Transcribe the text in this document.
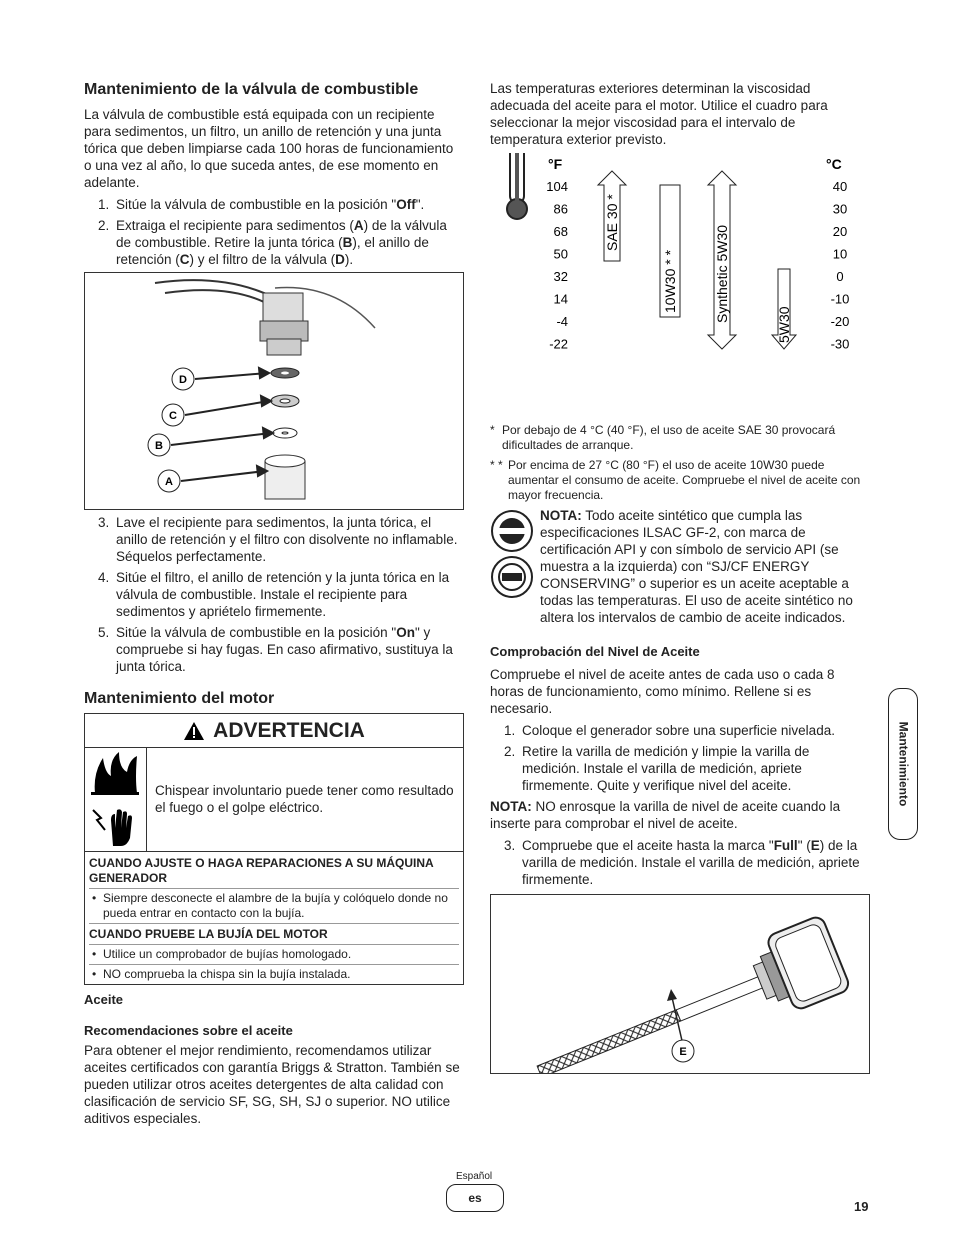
Mantenimiento de la válvula de combustible

La válvula de combustible está equipada con un recipiente para sedimentos, un filtro, un anillo de retención y una junta tórica que deben limpiarse cada 100 horas de funcionamiento o una vez al año, lo que suceda antes, de ese momento en adelante.

1. Sitúe la válvula de combustible en la posición "Off".
2. Extraiga el recipiente para sedimentos (A) de la válvula de combustible. Retire la junta tórica (B), el anillo de retención (C) y el filtro de la válvula (D).
D
C
B
A
3. Lave el recipiente para sedimentos, la junta tórica, el anillo de retención y el filtro con disolvente no inflamable. Séquelos perfectamente.
4. Sitúe el filtro, el anillo de retención y la junta tórica en la válvula de combustible. Instale el recipiente para sedimentos y apriételo firmemente.
5. Sitúe la válvula de combustible en la posición "On" y compruebe si hay fugas. En caso afirmativo, sustituya la junta tórica.
Mantenimiento del motor
ADVERTENCIA
Chispear involuntario puede tener como resultado el fuego o el golpe eléctrico.
CUANDO AJUSTE O HAGA REPARACIONES A SU MÁQUINA GENERADOR
• Siempre desconecte el alambre de la bujía y colóquelo donde no pueda entrar en contacto con la bujía.
CUANDO PRUEBE LA BUJÍA DEL MOTOR
• Utilice un comprobador de bujías homologado.
• NO comprueba la chispa sin la bujía instalada.
Aceite
Recomendaciones sobre el aceite

Para obtener el mejor rendimiento, recomendamos utilizar aceites certificados con garantía Briggs & Stratton. También se pueden utilizar otros aceites detergentes de alta calidad con clasificación de servicio SF, SG, SH, SJ o superior. NO utilice aditivos especiales.

Las temperaturas exteriores determinan la viscosidad adecuada del aceite para el motor. Utilice el cuadro para seleccionar la mejor viscosidad para el intervalo de temperatura exterior previsto.

°F	°C
104
86
68
50
32
14
-4
-22
40
30
20
10
0
-10
-20
-30
SAE 30 *
10W30 * *	Synthetic 5W30
5W30
* Por debajo de 4 °C (40 °F), el uso de aceite SAE 30 provocará dificultades de arranque.
* * Por encima de 27 °C (80 °F) el uso de aceite 10W30 puede aumentar el consumo de aceite. Compruebe el nivel de aceite con mayor frecuencia.

NOTA: Todo aceite sintético que cumpla las especificaciones ILSAC GF-2, con marca de certificación API y con símbolo de servicio API (se muestra a la izquierda) con “SJ/CF ENERGY CONSERVING” o superior es un aceite aceptable a todas las temperaturas. El uso de aceite sintético no altera los intervalos de cambio de aceite indicados.

Comprobación del Nivel de Aceite

Compruebe el nivel de aceite antes de cada uso o cada 8 horas de funcionamiento, como mínimo. Rellene si es necesario.

1. Coloque el generador sobre una superficie nivelada.
2. Retire la varilla de medición y limpie la varilla de medición. Instale el varilla de medición, apriete firmemente. Quite y verifique nivel del aceite.

NOTA: NO enrosque la varilla de nivel de aceite cuando la inserte para comprobar el nivel de aceite.

3. Compruebe que el aceite hasta la marca "Full" (E) de la varilla de medición. Instale el varilla de medición, apriete firmemente.
E
Mantenimiento
Español
es
19
